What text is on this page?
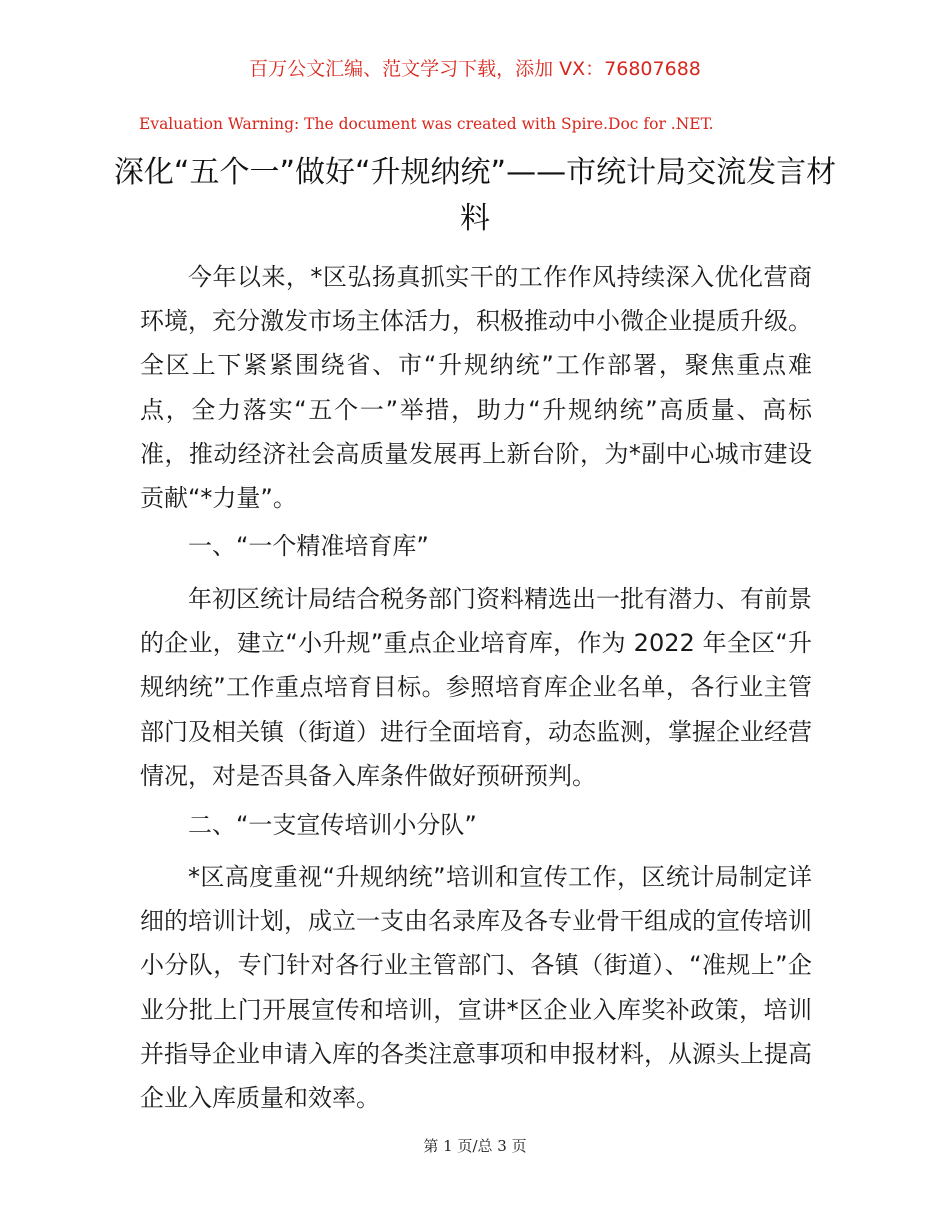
百万公文汇编、范文学习下载，添加 VX：76807688
Evaluation Warning: The document was created with Spire.Doc for .NET.
深化“五个一”做好“升规纳统”——市统计局交流发言材料

今年以来，*区弘扬真抓实干的工作作风持续深入优化营商环境，充分激发市场主体活力，积极推动中小微企业提质升级。全区上下紧紧围绕省、市“升规纳统”工作部署，聚焦重点难点，全力落实“五个一”举措，助力“升规纳统”高质量、高标准，推动经济社会高质量发展再上新台阶，为*副中心城市建设贡献“*力量”。

一、“一个精准培育库”

年初区统计局结合税务部门资料精选出一批有潜力、有前景的企业，建立“小升规”重点企业培育库，作为 2022 年全区“升规纳统”工作重点培育目标。参照培育库企业名单，各行业主管部门及相关镇（街道）进行全面培育，动态监测，掌握企业经营情况，对是否具备入库条件做好预研预判。

二、“一支宣传培训小分队”

*区高度重视“升规纳统”培训和宣传工作，区统计局制定详细的培训计划，成立一支由名录库及各专业骨干组成的宣传培训小分队，专门针对各行业主管部门、各镇（街道）、“准规上”企业分批上门开展宣传和培训，宣讲*区企业入库奖补政策，培训并指导企业申请入库的各类注意事项和申报材料，从源头上提高企业入库质量和效率。

第 1 页/总 3 页
